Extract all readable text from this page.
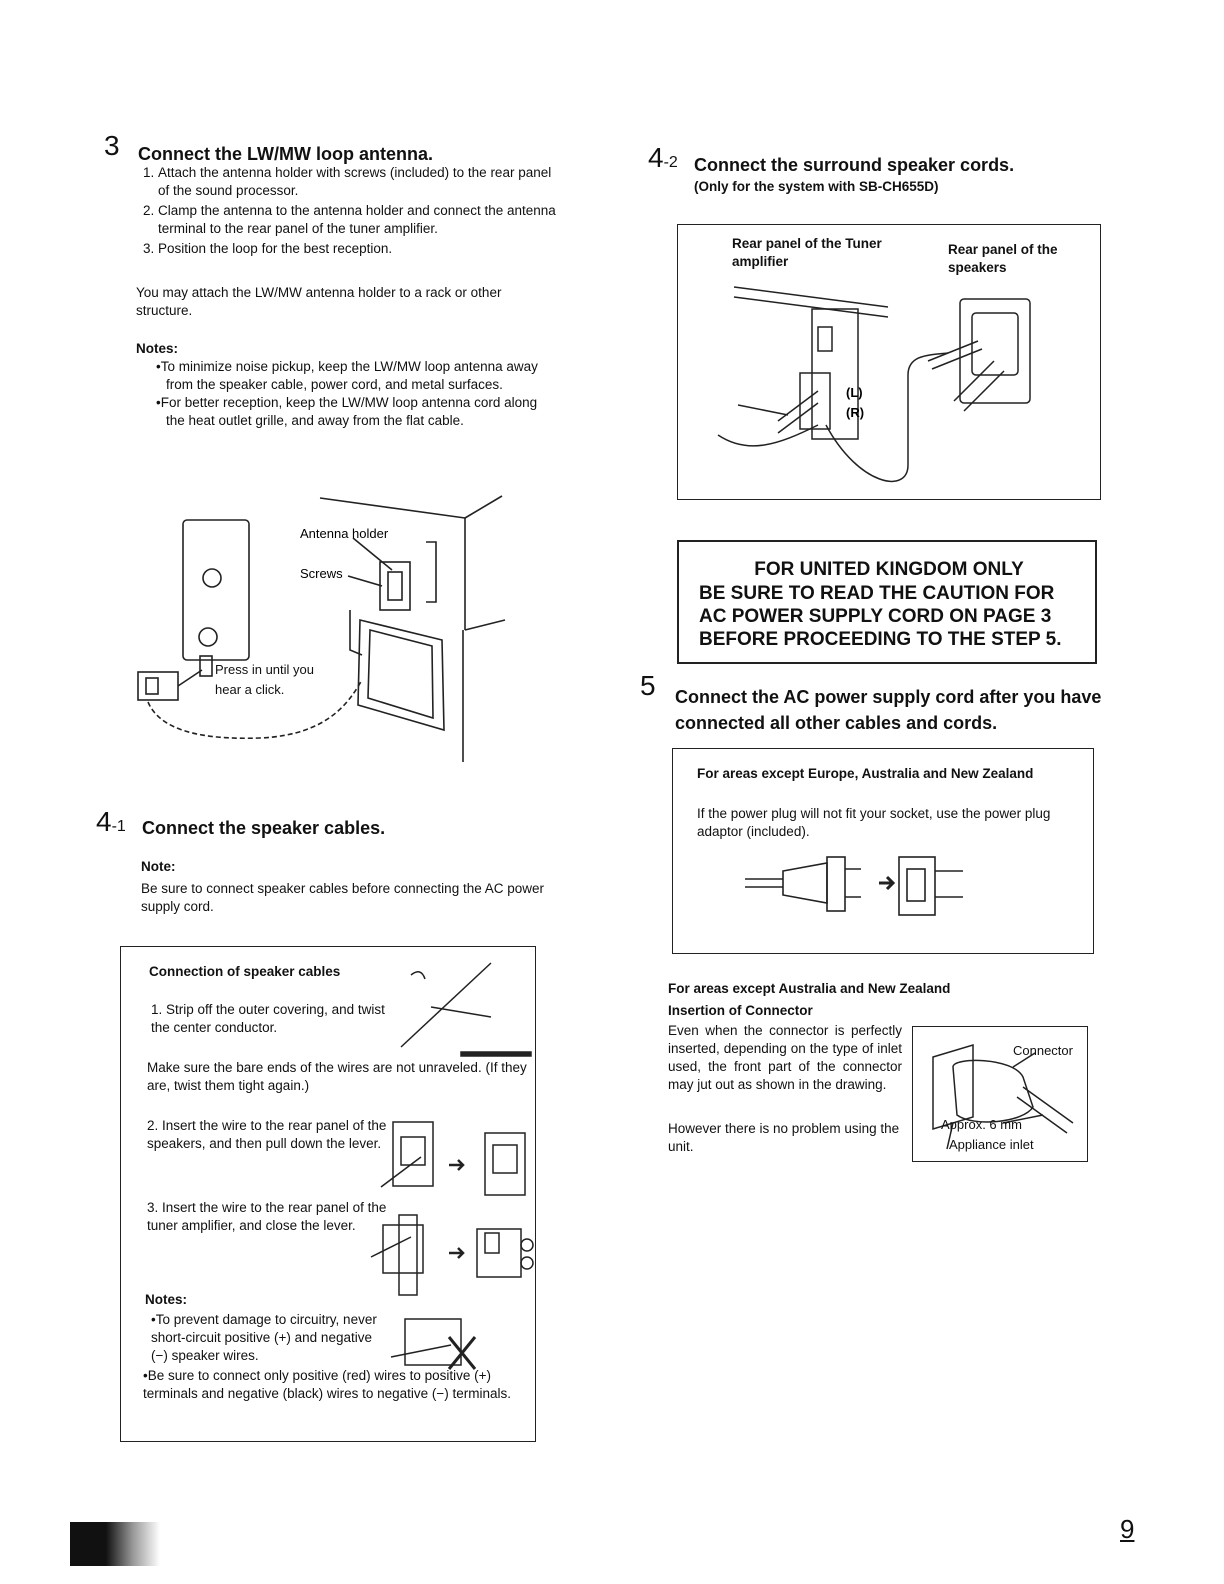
3 Connect the LW/MW loop antenna.
1. Attach the antenna holder with screws (included) to the rear panel of the sound processor.
2. Clamp the antenna to the antenna holder and connect the antenna terminal to the rear panel of the tuner amplifier.
3. Position the loop for the best reception.
You may attach the LW/MW antenna holder to a rack or other structure.
Notes:
•To minimize noise pickup, keep the LW/MW loop antenna away from the speaker cable, power cord, and metal surfaces.
•For better reception, keep the LW/MW loop antenna cord along the heat outlet grille, and away from the flat cable.
Antenna holder
Screws
Press in until you hear a click.
4-1 Connect the speaker cables.
Note:
Be sure to connect speaker cables before connecting the AC power supply cord.
Connection of speaker cables
1. Strip off the outer covering, and twist the center conductor.
Make sure the bare ends of the wires are not unraveled. (If they are, twist them tight again.)
2. Insert the wire to the rear panel of the speakers, and then pull down the lever.
3. Insert the wire to the rear panel of the tuner amplifier, and close the lever.
Notes:
•To prevent damage to circuitry, never short-circuit positive (+) and negative (−) speaker wires.
•Be sure to connect only positive (red) wires to positive (+) terminals and negative (black) wires to negative (−) terminals.
4-2 Connect the surround speaker cords.
(Only for the system with SB-CH655D)
Rear panel of the Tuner amplifier
Rear panel of the speakers
(L)
(R)
FOR UNITED KINGDOM ONLY
BE SURE TO READ THE CAUTION FOR AC POWER SUPPLY CORD ON PAGE 3 BEFORE PROCEEDING TO THE STEP 5.
5 Connect the AC power supply cord after you have connected all other cables and cords.
For areas except Europe, Australia and New Zealand
If the power plug will not fit your socket, use the power plug adaptor (included).
For areas except Australia and New Zealand
Insertion of Connector
Even when the connector is perfectly inserted, depending on the type of inlet used, the front part of the connector may jut out as shown in the drawing.
However there is no problem using the unit.
Connector
Approx. 6 mm
Appliance inlet
9
